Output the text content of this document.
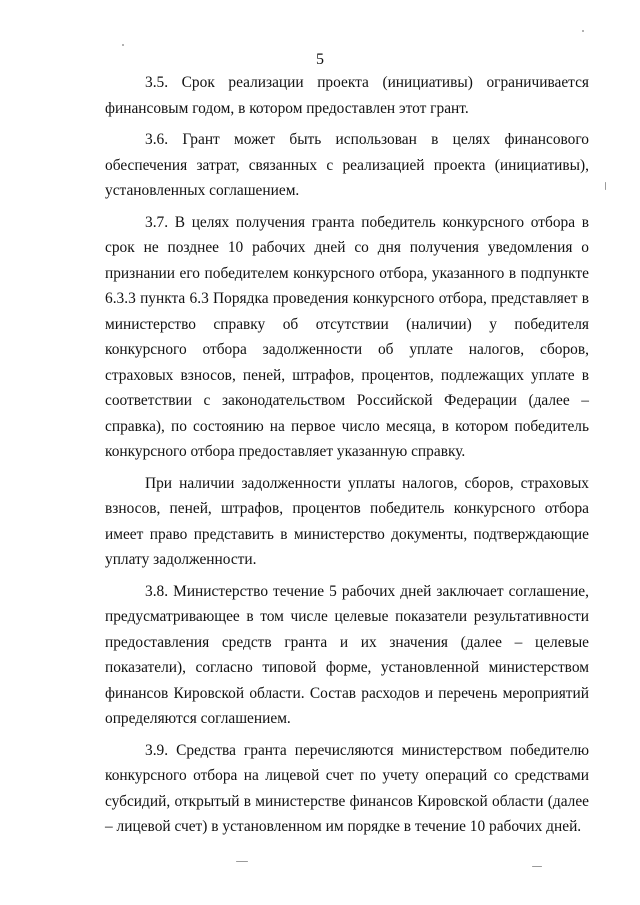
5

3.5. Срок реализации проекта (инициативы) ограничивается финансовым годом, в котором предоставлен этот грант.

3.6. Грант может быть использован в целях финансового обеспечения затрат, связанных с реализацией проекта (инициативы), установленных соглашением.

3.7. В целях получения гранта победитель конкурсного отбора в срок не позднее 10 рабочих дней со дня получения уведомления о признании его победителем конкурсного отбора, указанного в подпункте 6.3.3 пункта 6.3 Порядка проведения конкурсного отбора, представляет в министерство справку об отсутствии (наличии) у победителя конкурсного отбора задолженности об уплате налогов, сборов, страховых взносов, пеней, штрафов, процентов, подлежащих уплате в соответствии с законодательством Российской Федерации (далее – справка), по состоянию на первое число месяца, в котором победитель конкурсного отбора предоставляет указанную справку.

При наличии задолженности уплаты налогов, сборов, страховых взносов, пеней, штрафов, процентов победитель конкурсного отбора имеет право представить в министерство документы, подтверждающие уплату задолженности.

3.8. Министерство течение 5 рабочих дней заключает соглашение, предусматривающее в том числе целевые показатели результативности предоставления средств гранта и их значения (далее – целевые показатели), согласно типовой форме, установленной министерством финансов Кировской области. Состав расходов и перечень мероприятий определяются соглашением.

3.9. Средства гранта перечисляются министерством победителю конкурсного отбора на лицевой счет по учету операций со средствами субсидий, открытый в министерстве финансов Кировской области (далее – лицевой счет) в установленном им порядке в течение 10 рабочих дней.
